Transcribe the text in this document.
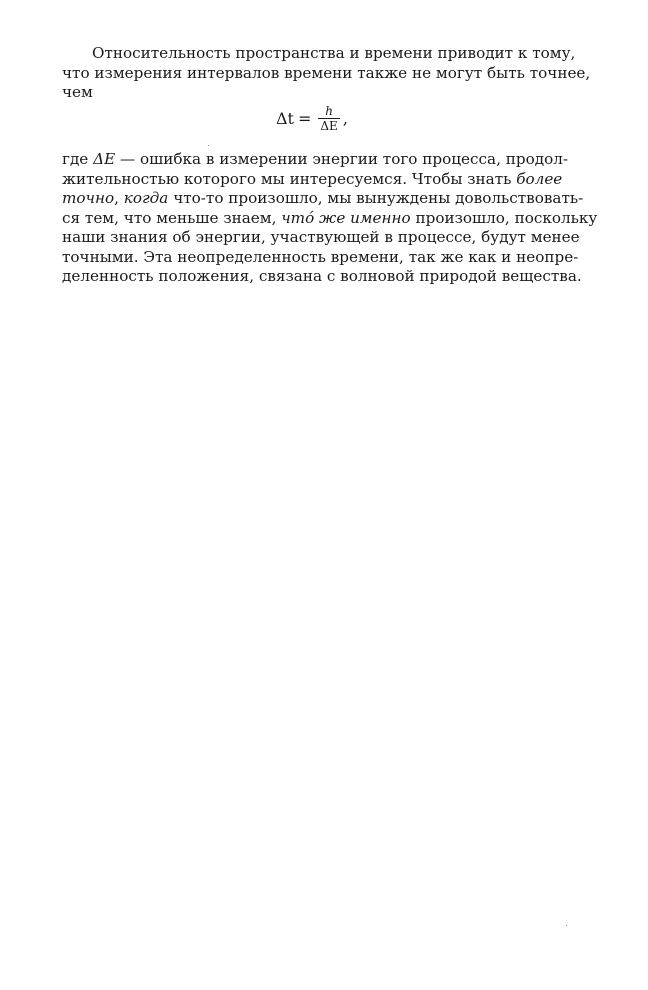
Относительность пространства и времени приводит к тому,
что измерения интервалов времени также не могут быть точнее,
чем
$\Delta t = \frac{h}{\Delta E}$ ,
где ΔE — ошибка в измерении энергии того процесса, продол-
жительностью которого мы интересуемся. Чтобы знать более
точно, когда что-то произошло, мы вынуждены довольствовать-
ся тем, что меньше знаем, что́ же именно произошло, поскольку
наши знания об энергии, участвующей в процессе, будут менее
точными. Эта неопределенность времени, так же как и неопре-
деленность положения, связана с волновой природой вещества.
